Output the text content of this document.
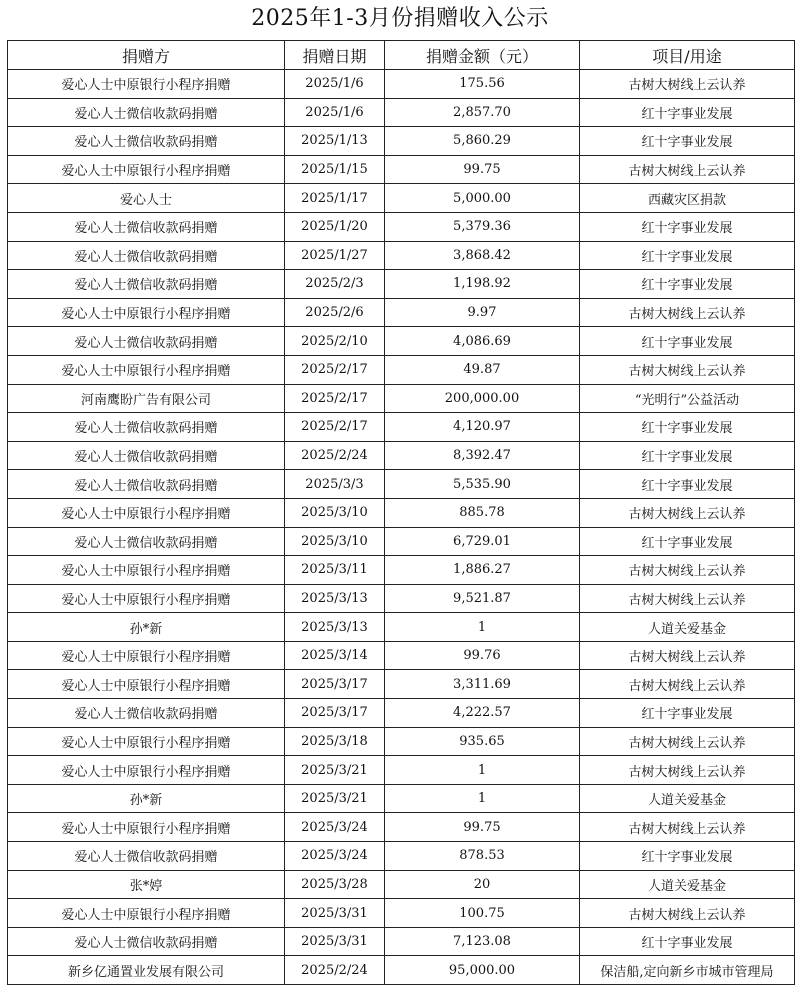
2025年1-3月份捐赠收入公示
捐赠方	捐赠日期	捐赠金额（元）	项目/用途
爱心人士中原银行小程序捐赠	2025/1/6	175.56	古树大树线上云认养
爱心人士微信收款码捐赠	2025/1/6	2,857.70	红十字事业发展
爱心人士微信收款码捐赠	2025/1/13	5,860.29	红十字事业发展
爱心人士中原银行小程序捐赠	2025/1/15	99.75	古树大树线上云认养
爱心人士	2025/1/17	5,000.00	西藏灾区捐款
爱心人士微信收款码捐赠	2025/1/20	5,379.36	红十字事业发展
爱心人士微信收款码捐赠	2025/1/27	3,868.42	红十字事业发展
爱心人士微信收款码捐赠	2025/2/3	1,198.92	红十字事业发展
爱心人士中原银行小程序捐赠	2025/2/6	9.97	古树大树线上云认养
爱心人士微信收款码捐赠	2025/2/10	4,086.69	红十字事业发展
爱心人士中原银行小程序捐赠	2025/2/17	49.87	古树大树线上云认养
河南鹰盼广告有限公司	2025/2/17	200,000.00	“光明行”公益活动
爱心人士微信收款码捐赠	2025/2/17	4,120.97	红十字事业发展
爱心人士微信收款码捐赠	2025/2/24	8,392.47	红十字事业发展
爱心人士微信收款码捐赠	2025/3/3	5,535.90	红十字事业发展
爱心人士中原银行小程序捐赠	2025/3/10	885.78	古树大树线上云认养
爱心人士微信收款码捐赠	2025/3/10	6,729.01	红十字事业发展
爱心人士中原银行小程序捐赠	2025/3/11	1,886.27	古树大树线上云认养
爱心人士中原银行小程序捐赠	2025/3/13	9,521.87	古树大树线上云认养
孙*新	2025/3/13	1	人道关爱基金
爱心人士中原银行小程序捐赠	2025/3/14	99.76	古树大树线上云认养
爱心人士中原银行小程序捐赠	2025/3/17	3,311.69	古树大树线上云认养
爱心人士微信收款码捐赠	2025/3/17	4,222.57	红十字事业发展
爱心人士中原银行小程序捐赠	2025/3/18	935.65	古树大树线上云认养
爱心人士中原银行小程序捐赠	2025/3/21	1	古树大树线上云认养
孙*新	2025/3/21	1	人道关爱基金
爱心人士中原银行小程序捐赠	2025/3/24	99.75	古树大树线上云认养
爱心人士微信收款码捐赠	2025/3/24	878.53	红十字事业发展
张*婷	2025/3/28	20	人道关爱基金
爱心人士中原银行小程序捐赠	2025/3/31	100.75	古树大树线上云认养
爱心人士微信收款码捐赠	2025/3/31	7,123.08	红十字事业发展
新乡亿通置业发展有限公司	2025/2/24	95,000.00	保洁船,定向新乡市城市管理局
